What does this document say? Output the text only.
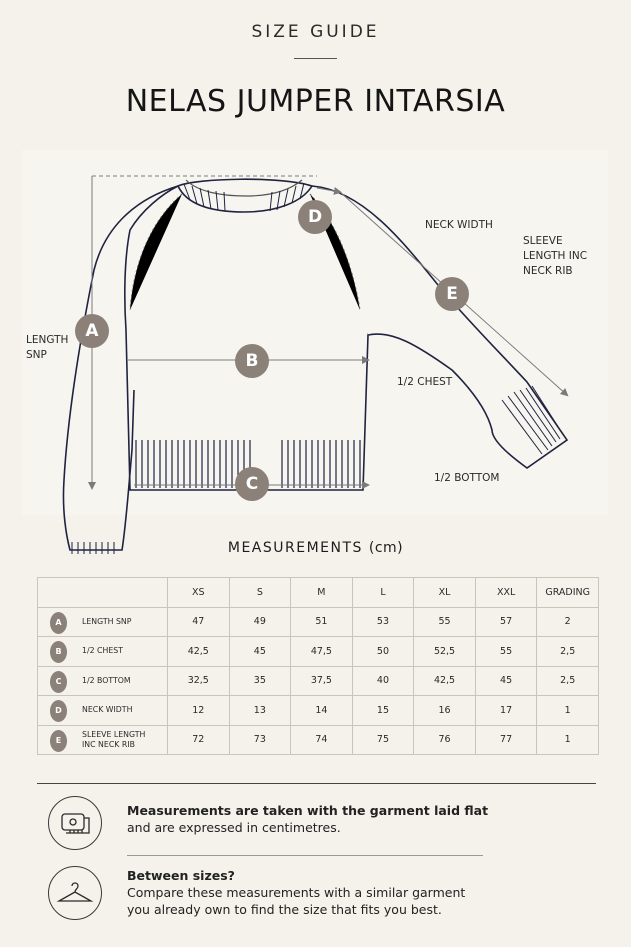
SIZE GUIDE
NELAS JUMPER INTARSIA
LENGTH
SNP
NECK WIDTH
SLEEVE
LENGTH INC
NECK RIB
1/2 CHEST
1/2 BOTTOM
A
B
C
D
E
MEASUREMENTS (cm)
	XS	S	M	L	XL	XXL	GRADING

A LENGTH SNP	47	49	51	53	55	57	2

B 1/2 CHEST	42,5	45	47,5	50	52,5	55	2,5

C 1/2 BOTTOM	32,5	35	37,5	40	42,5	45	2,5

D NECK WIDTH	12	13	14	15	16	17	1

E
SLEEVE LENGTH
INC NECK RIB	72	73	74	75	76	77	1
Measurements are taken with the garment laid flat
and are expressed in centimetres.
Between sizes?
Compare these measurements with a similar garment
you already own to find the size that fits you best.
